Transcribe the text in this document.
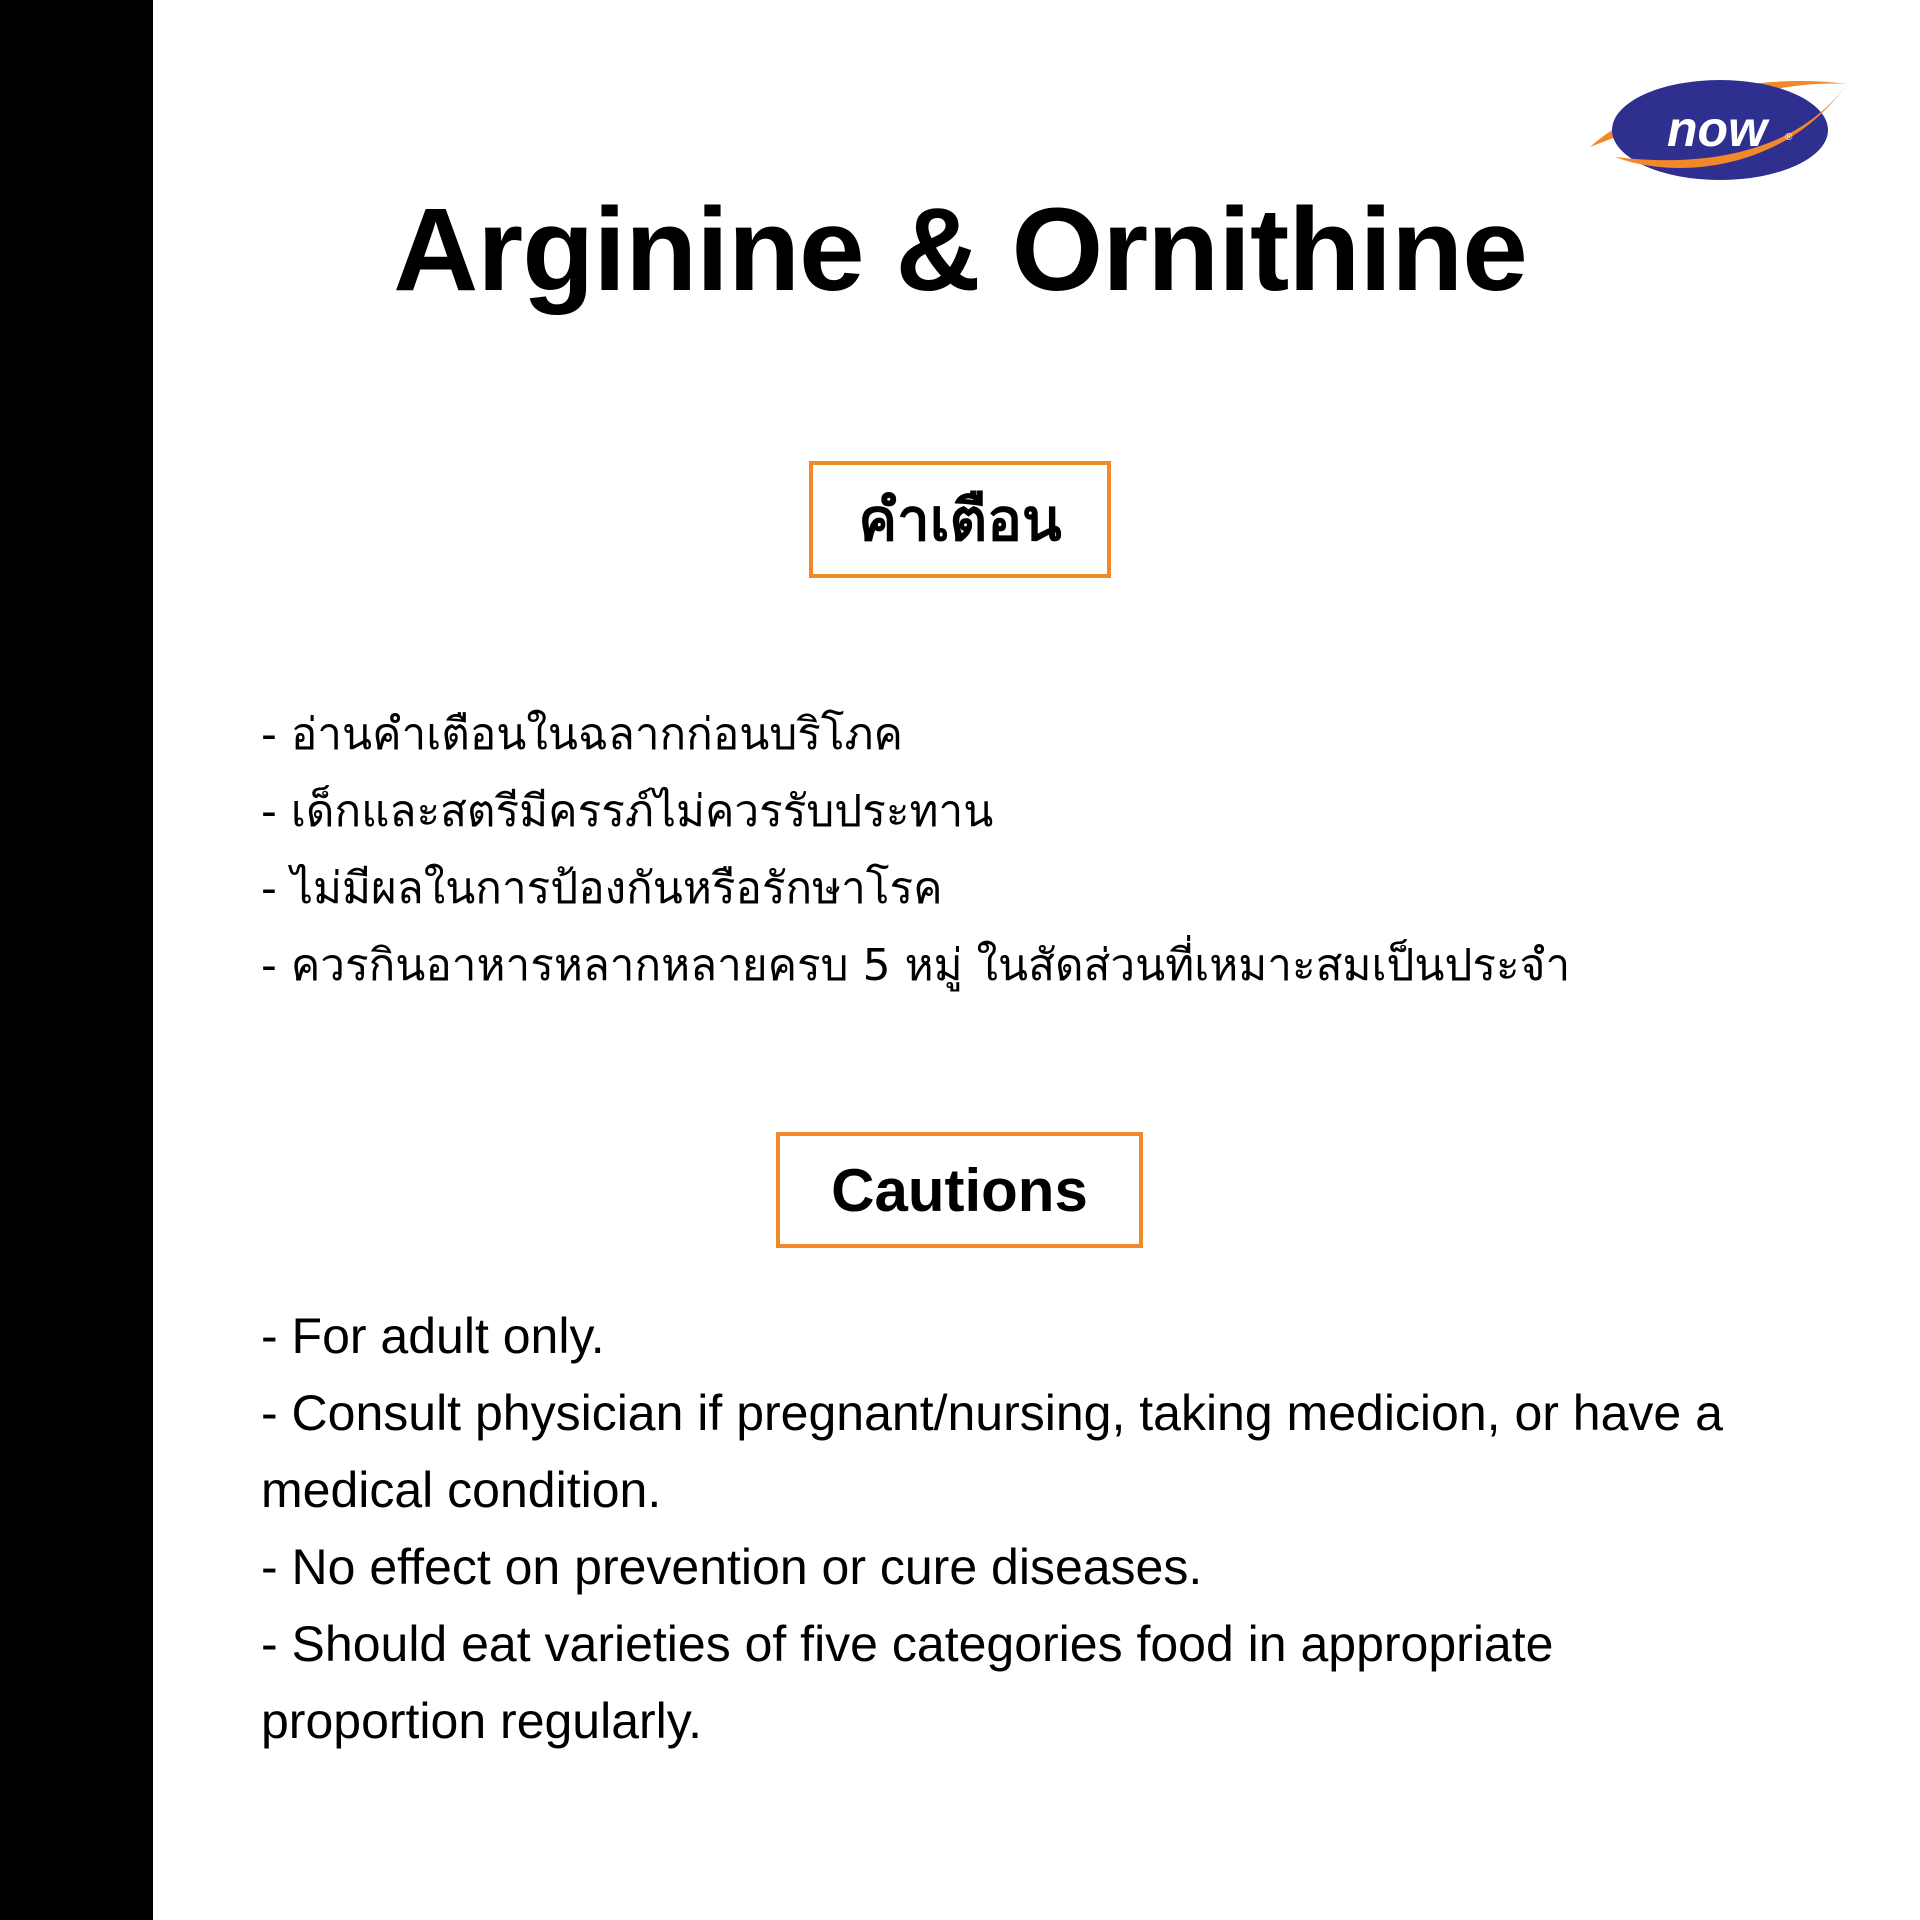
now	®
Arginine & Ornithine
คำเตือน
- อ่านคำเตือนในฉลากก่อนบริโภค
- เด็กและสตรีมีครรภ์ไม่ควรรับประทาน
- ไม่มีผลในการป้องกันหรือรักษาโรค
- ควรกินอาหารหลากหลายครบ 5 หมู่ ในสัดส่วนที่เหมาะสมเป็นประจำ
Cautions
- For adult only.
- Consult physician if pregnant/nursing, taking medicion, or have a medical condition.
- No effect on prevention or cure diseases.
- Should eat varieties of five categories food in appropriate proportion regularly.
